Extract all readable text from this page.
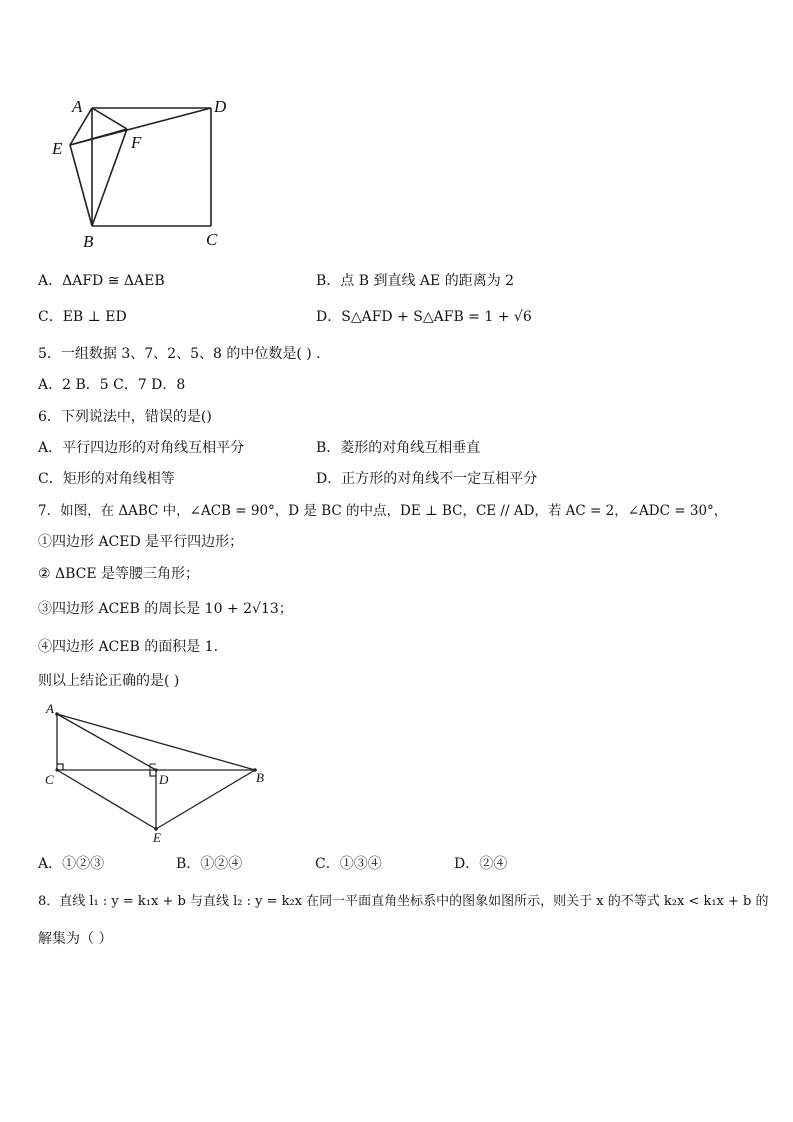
A	D
E	F
B	C
A．ΔAFD ≅ ΔAEB	B．点 B 到直线 AE 的距离为 2
C．EB ⊥ ED	D．S△AFD + S△AFB = 1 + √6
5．一组数据 3、7、2、5、8 的中位数是( ) .
A．2 B．5 C．7 D．8
6．下列说法中，错误的是()
A．平行四边形的对角线互相平分	B．菱形的对角线互相垂直
C．矩形的对角线相等	D．正方形的对角线不一定互相平分
7．如图，在 ΔABC 中，∠ACB = 90°，D 是 BC 的中点，DE ⊥ BC，CE // AD，若 AC = 2，∠ADC = 30°，
①四边形 ACED 是平行四边形；
② ΔBCE 是等腰三角形；
③四边形 ACEB 的周长是 10 + 2√13；
④四边形 ACEB 的面积是 1．
则以上结论正确的是( )
A
C	D	B
E
A．①②③	B．①②④	C．①③④	D．②④
8．直线 l₁ : y = k₁x + b 与直线 l₂ : y = k₂x 在同一平面直角坐标系中的图象如图所示，则关于 x 的不等式 k₂x < k₁x + b 的
解集为（ ）
